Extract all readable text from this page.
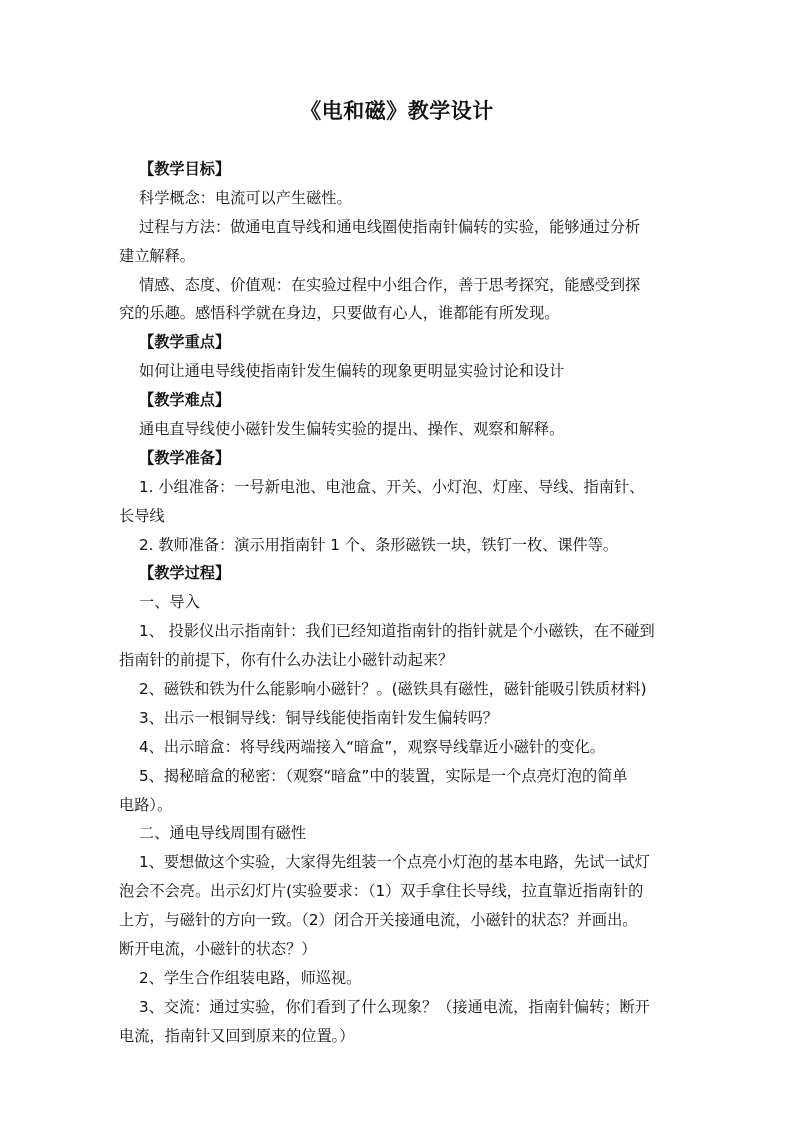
《电和磁》教学设计
【教学目标】
科学概念：电流可以产生磁性。
过程与方法：做通电直导线和通电线圈使指南针偏转的实验，能够通过分析
建立解释。
情感、态度、价值观：在实验过程中小组合作，善于思考探究，能感受到探
究的乐趣。感悟科学就在身边，只要做有心人，谁都能有所发现。
【教学重点】
如何让通电导线使指南针发生偏转的现象更明显实验讨论和设计
【教学难点】
通电直导线使小磁针发生偏转实验的提出、操作、观察和解释。
【教学准备】
1. 小组准备：一号新电池、电池盒、开关、小灯泡、灯座、导线、指南针、
长导线
2. 教师准备：演示用指南针 1 个、条形磁铁一块，铁钉一枚、课件等。
【教学过程】
一、导入
1、 投影仪出示指南针：我们已经知道指南针的指针就是个小磁铁，在不碰到
指南针的前提下，你有什么办法让小磁针动起来？
2、磁铁和铁为什么能影响小磁针？。(磁铁具有磁性，磁针能吸引铁质材料)
3、出示一根铜导线：铜导线能使指南针发生偏转吗？
4、出示暗盒：将导线两端接入“暗盒”，观察导线靠近小磁针的变化。
5、揭秘暗盒的秘密：（观察“暗盒”中的装置，实际是一个点亮灯泡的简单
电路）。
二、通电导线周围有磁性
1、要想做这个实验，大家得先组装一个点亮小灯泡的基本电路，先试一试灯
泡会不会亮。出示幻灯片(实验要求：（1）双手拿住长导线，拉直靠近指南针的
上方，与磁针的方向一致。（2）闭合开关接通电流，小磁针的状态？并画出。
断开电流，小磁针的状态？）
2、学生合作组装电路，师巡视。
3、交流：通过实验，你们看到了什么现象？（接通电流，指南针偏转；断开
电流，指南针又回到原来的位置。）
